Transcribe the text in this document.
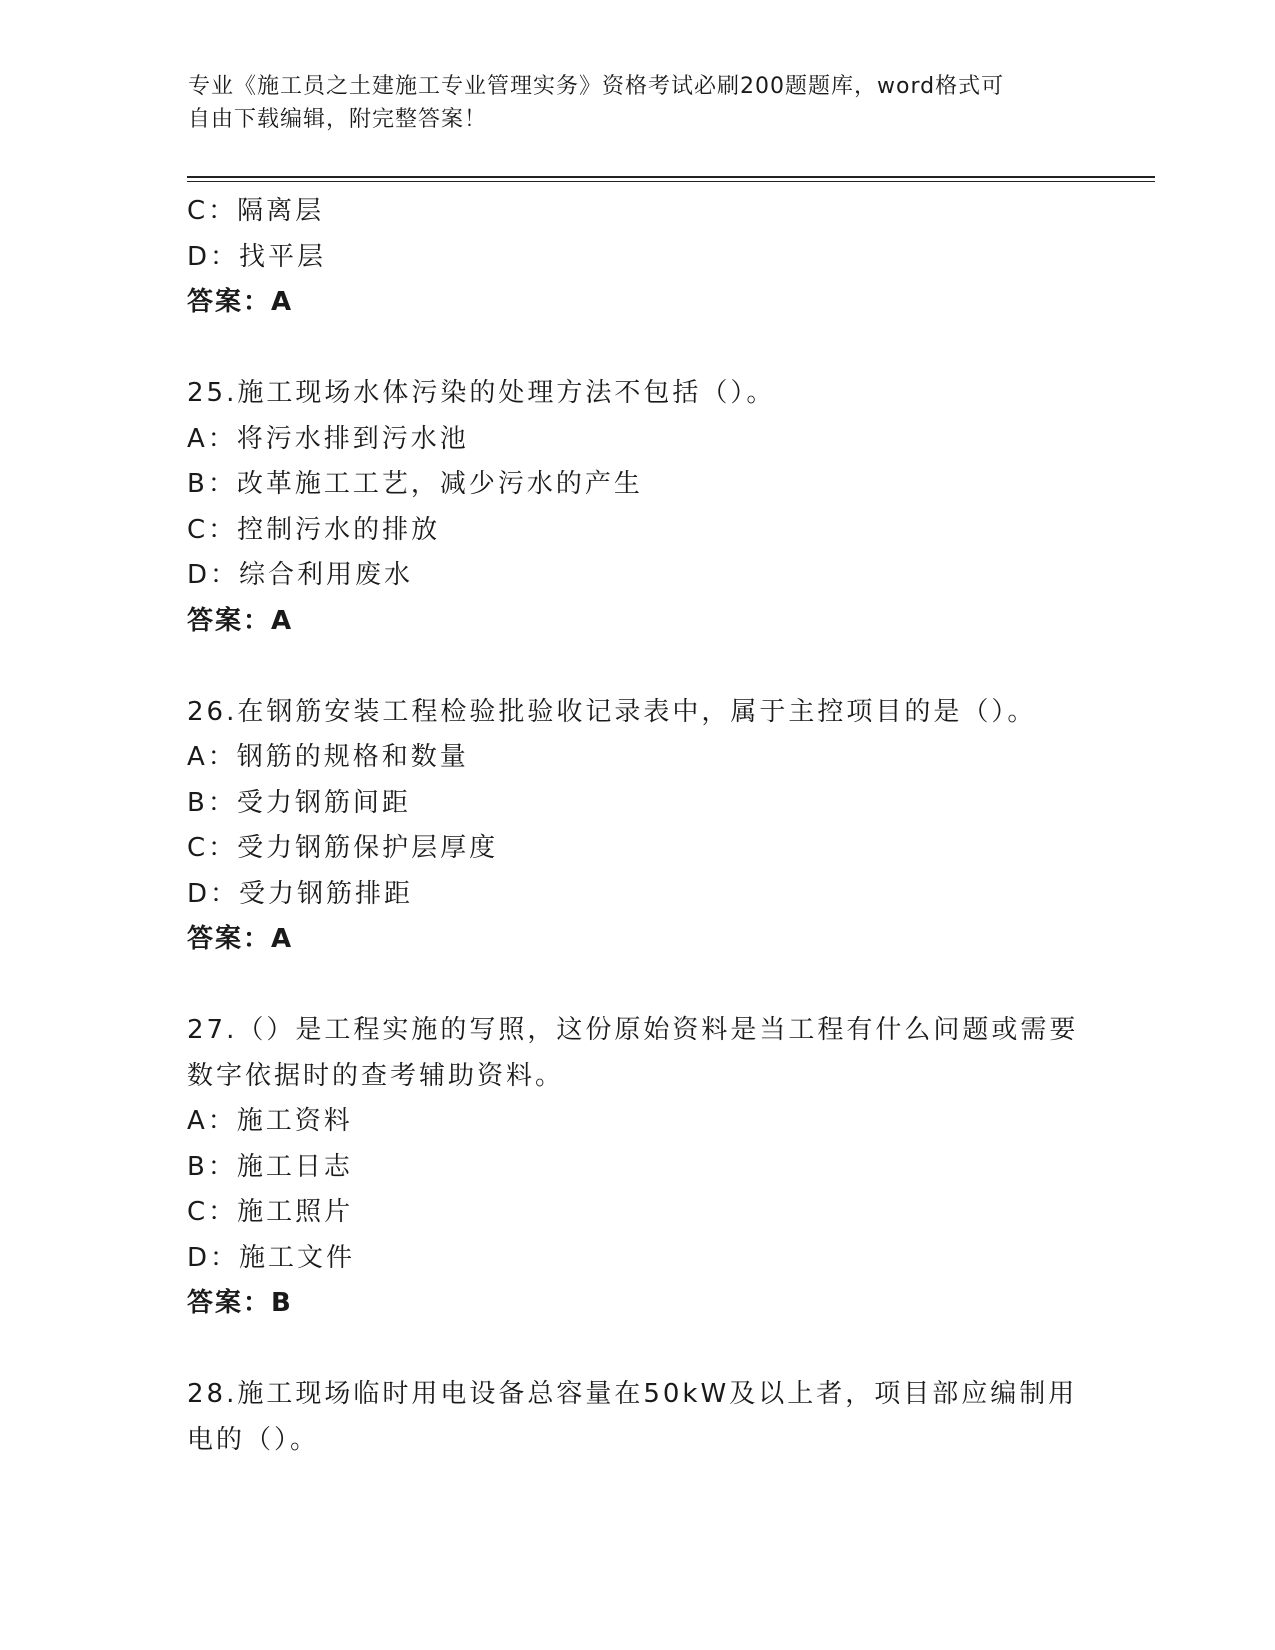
专业《施工员之土建施工专业管理实务》资格考试必刷200题题库，word格式可

自由下载编辑，附完整答案！

C：隔离层
D：找平层
答案：A
25.施工现场水体污染的处理方法不包括（）。
A：将污水排到污水池
B：改革施工工艺，减少污水的产生
C：控制污水的排放
D：综合利用废水
答案：A
26.在钢筋安装工程检验批验收记录表中，属于主控项目的是（）。
A：钢筋的规格和数量
B：受力钢筋间距
C：受力钢筋保护层厚度
D：受力钢筋排距
答案：A
27.（）是工程实施的写照，这份原始资料是当工程有什么问题或需要
数字依据时的查考辅助资料。
A：施工资料
B：施工日志
C：施工照片
D：施工文件
答案：B
28.施工现场临时用电设备总容量在50kW及以上者，项目部应编制用
电的（）。
